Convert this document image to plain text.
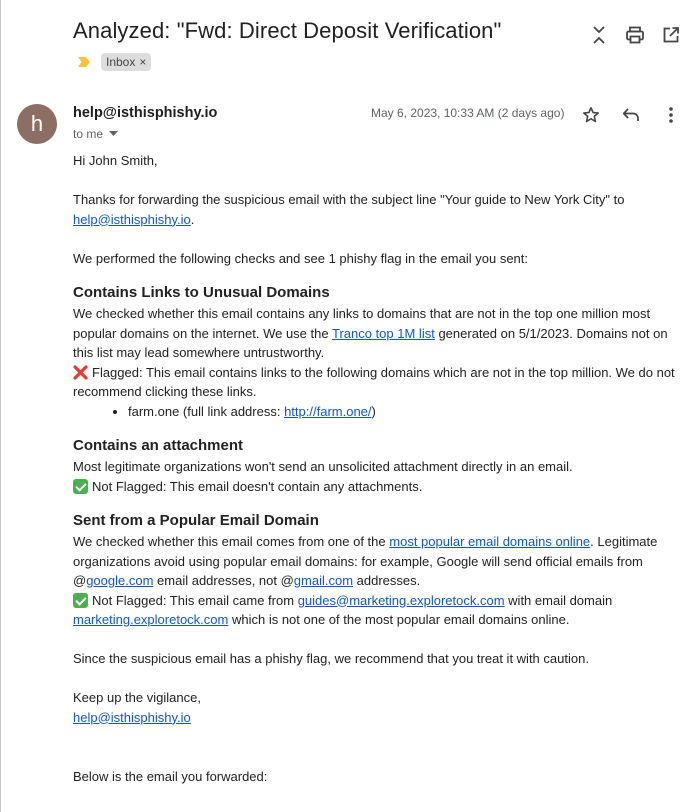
Analyzed: "Fwd: Direct Deposit Verification"
Inbox ×
h	help@isthisphishy.io
to me
May 6, 2023, 10:33 AM (2 days ago)

Hi John Smith,

Thanks for forwarding the suspicious email with the subject line "Your guide to New York City" to help@isthisphishy.io.

We performed the following checks and see 1 phishy flag in the email you sent:

Contains Links to Unusual Domains

We checked whether this email contains any links to domains that are not in the top one million most popular domains on the internet. We use the Tranco top 1M list generated on 5/1/2023. Domains not on this list may lead somewhere untrustworthy.

Flagged: This email contains links to the following domains which are not in the top million. We do not recommend clicking these links.

• farm.one (full link address: http://farm.one/)
Contains an attachment

Most legitimate organizations won't send an unsolicited attachment directly in an email.

Not Flagged: This email doesn't contain any attachments.

Sent from a Popular Email Domain

We checked whether this email comes from one of the most popular email domains online. Legitimate organizations avoid using popular email domains: for example, Google will send official emails from @google.com email addresses, not @gmail.com addresses.

Not Flagged: This email came from guides@marketing.exploretock.com with email domain marketing.exploretock.com which is not one of the most popular email domains online.

Since the suspicious email has a phishy flag, we recommend that you treat it with caution.

Keep up the vigilance,

help@isthisphishy.io

Below is the email you forwarded:
